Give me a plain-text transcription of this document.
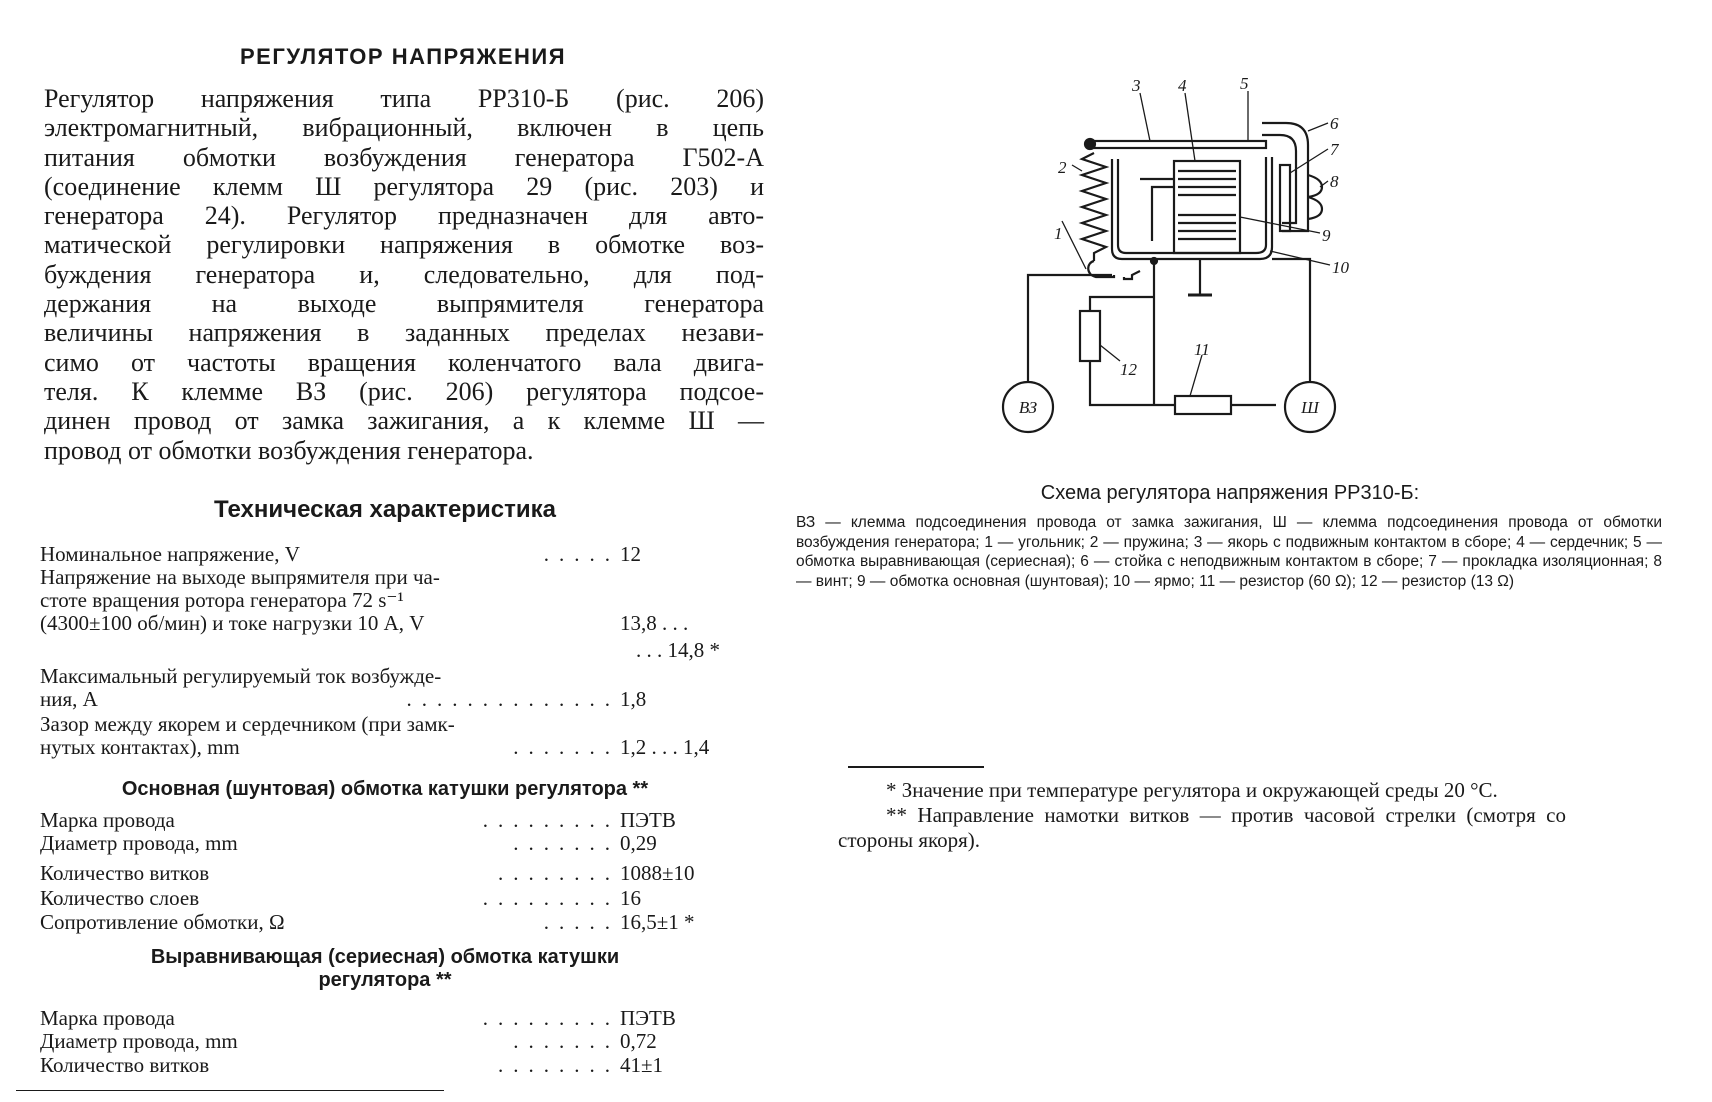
РЕГУЛЯТОР НАПРЯЖЕНИЯ
Регулятор напряжения типа РР310-Б (рис. 206)
электромагнитный, вибрационный, включен в цепь
питания обмотки возбуждения генератора Г502-А
(соединение клемм Ш регулятора 29 (рис. 203) и
генератора 24). Регулятор предназначен для авто-
матической регулировки напряжения в обмотке воз-
буждения генератора и, следовательно, для под-
держания на выходе выпрямителя генератора
величины напряжения в заданных пределах незави-
симо от частоты вращения коленчатого вала двига-
теля. К клемме ВЗ (рис. 206) регулятора подсое-
динен провод от замка зажигания, а к клемме Ш —
провод от обмотки возбуждения генератора.
Техническая характеристика
Номинальное напряжение, V	..... 12
Напряжение на выходе выпрямителя при ча-
стоте вращения ротора генератора 72 s⁻¹
(4300±100 об/мин) и токе нагрузки 10 А, V	13,8 . . .
. . . 14,8 *
Максимальный регулируемый ток возбужде-
ния, А	.............. 1,8
Зазор между якорем и сердечником (при замк-
нутых контактах), mm	....... 1,2 . . . 1,4
Основная (шунтовая) обмотка катушки регулятора **
Марка провода	......... ПЭТВ
Диаметр провода, mm	....... 0,29
Количество витков	........ 1088±10
Количество слоев	......... 16
Сопротивление обмотки, Ω	..... 16,5±1 *
Выравнивающая (сериесная) обмотка катушки
регулятора **
Марка провода	......... ПЭТВ
Диаметр провода, mm	....... 0,72
Количество витков	........ 41±1
ВЗ	Ш
1
2
3 4	5
6
7
8
9
10
11
12
Схема регулятора напряжения РР310-Б:
ВЗ — клемма подсоединения провода от замка зажигания, Ш — клемма подсоединения провода от обмотки возбуждения генератора; 1 — угольник; 2 — пружина; 3 — якорь с подвижным контактом в сборе; 4 — сердечник; 5 — обмотка выравнивающая (сериесная); 6 — стойка с неподвижным контактом в сборе; 7 — прокладка изоляционная; 8 — винт; 9 — обмотка основная (шунтовая); 10 — ярмо; 11 — резистор (60 Ω); 12 — резистор (13 Ω)

* Значение при температуре регулятора и окружающей среды 20 °С.

** Направление намотки витков — против часовой стрелки (смотря со стороны якоря).
